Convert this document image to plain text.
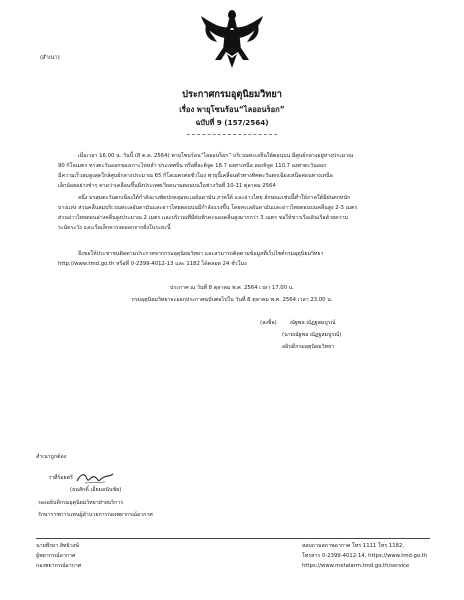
(สำเนา)
ประกาศกรมอุตุนิยมวิทยา
เรื่อง พายุโซนร้อน“ไลออนร็อก”
ฉบับที่ 9 (157/2564)
เมื่อเวลา 16.00 น. วันนี้ (8 ต.ค. 2564) พายุโซนร้อน“ไลออนร็อก” บริเวณทะเลจีนใต้ตอนบน มีศูนย์กลางอยู่ห่างประมาณ
90 กิโลเมตร ทางตะวันออกของเกาะไหหลำ ประเทศจีน หรือที่ละติจูด 18.7 องศาเหนือ ลองจิจูด 110.7 องศาตะวันออก
มีความเร็วลมสูงสุดใกล้ศูนย์กลางประมาณ 65 กิโลเมตรต่อชั่วโมง พายุนี้เคลื่อนตัวทางทิศตะวันตกเฉียงเหนือค่อนทางเหนือ
เล็กน้อยอย่างช้าๆ คาดว่าเคลื่อนขึ้นฝั่งประเทศเวียดนามตอนบนในช่วงวันที่ 10-11 ตุลาคม 2564
อนึ่ง มรสุมตะวันตกเฉียงใต้กำลังแรงพัดปกคลุมทะเลอันดามัน ภาคใต้ และอ่าวไทย ลักษณะเช่นนี้ทำให้ภาคใต้มีฝนตกหนัก
บางแห่ง ส่วนคลื่นลมบริเวณทะเลอันดามันและอ่าวไทยตอนบนมีกำลังแรงขึ้น โดยทะเลอันดามันและอ่าวไทยตอนบนคลื่นสูง 2-3 เมตร
ส่วนอ่าวไทยตอนล่างคลื่นสูงประมาณ 2 เมตร และบริเวณที่มีฝนฟ้าคะนองคลื่นสูงมากกว่า 3 เมตร ขอให้ชาวเรือเดินเรือด้วยความ
ระมัดระวัง และเรือเล็กควรงดออกจากฝั่งในระยะนี้
จึงขอให้ประชาชนติดตามประกาศจากกรมอุตุนิยมวิทยา และสามารถติดตามข้อมูลที่เว็บไซต์กรมอุตุนิยมวิทยา
http://www.tmd.go.th หรือที่ 0-2399-4012-13 และ 1182 ได้ตลอด 24 ชั่วโมง
ประกาศ ณ วันที่ 8 ตุลาคม พ.ศ. 2564 เวลา 17.00 น.
กรมอุตุนิยมวิทยาจะออกประกาศฉบับต่อไปใน วันที่ 8 ตุลาคม พ.ศ. 2564 เวลา 23.00 น.
(ลงชื่อ)	ณัฐพล ณัฏฐสมบูรณ์
(นายณัฐพล ณัฏฐสมบูรณ์)
อธิบดีกรมอุตุนิยมวิทยา
สำเนาถูกต้อง
ว่าที่ร้อยตรี
(ธนสักดิ์ เอี่ยมอนันชัย)
รองอธิบดีกรมอุตุนิยมวิทยาฝ่ายบริการ
รักษาราชการแทนผู้อำนวยการกองพยากรณ์อากาศ
นายพีรยา สิทธิวงษ์
ผู้พยากรณ์อากาศ
กองพยากรณ์อากาศ
สอบถามสภาพอากาศ โทร 1111 โทร 1182,
โทรสาร 0-2399-4012-14, https://www.tmd.go.th
https://www.metalarm.tmd.go.th/service
